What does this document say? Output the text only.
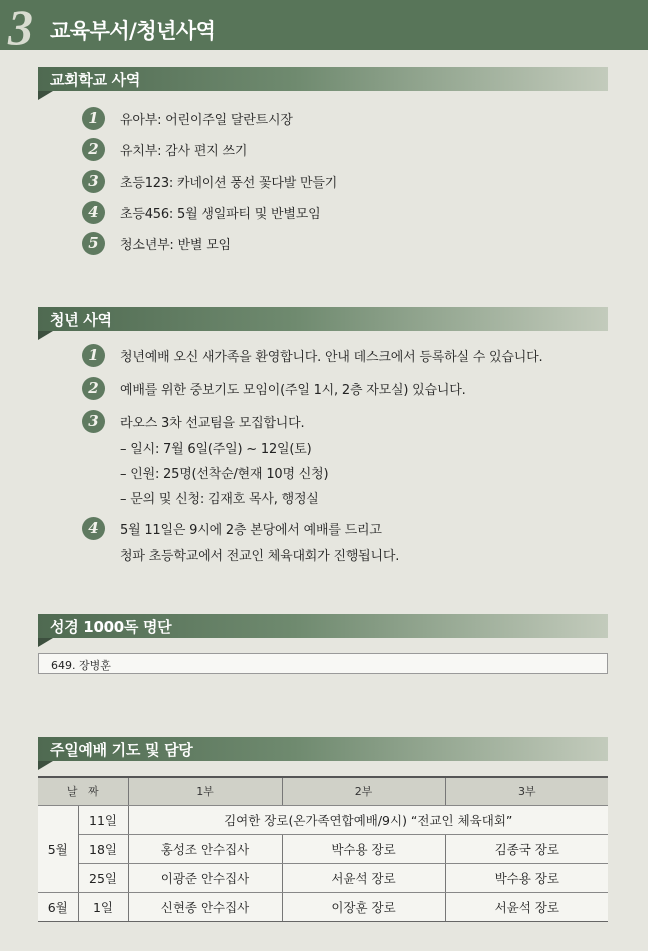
3 교육부서/청년사역
교회학교 사역
1	유아부: 어린이주일 달란트시장
2	유치부: 감사 편지 쓰기
3	초등123: 카네이션 풍선 꽃다발 만들기
4	초등456: 5월 생일파티 및 반별모임
5	청소년부: 반별 모임
청년 사역
1	청년예배 오신 새가족을 환영합니다. 안내 데스크에서 등록하실 수 있습니다.
2	예배를 위한 중보기도 모임이(주일 1시, 2층 자모실) 있습니다.
3	라오스 3차 선교팀을 모집합니다.
– 일시: 7월 6일(주일) ~ 12일(토)
– 인원: 25명(선착순/현재 10명 신청)
– 문의 및 신청: 김재호 목사, 행정실
4	5월 11일은 9시에 2층 본당에서 예배를 드리고
청파 초등학교에서 전교인 체육대회가 진행됩니다.
성경 1000독 명단
649. 장병훈
주일예배 기도 및 담당
날   짜		1부	2부	3부
5월	11일	김여한 장로(온가족연합예배/9시) “전교인 체육대회”		
	18일	홍성조 안수집사	박수용 장로	김종국 장로
	25일	이광준 안수집사	서윤석 장로	박수용 장로
6월	1일	신현종 안수집사	이장훈 장로	서윤석 장로
